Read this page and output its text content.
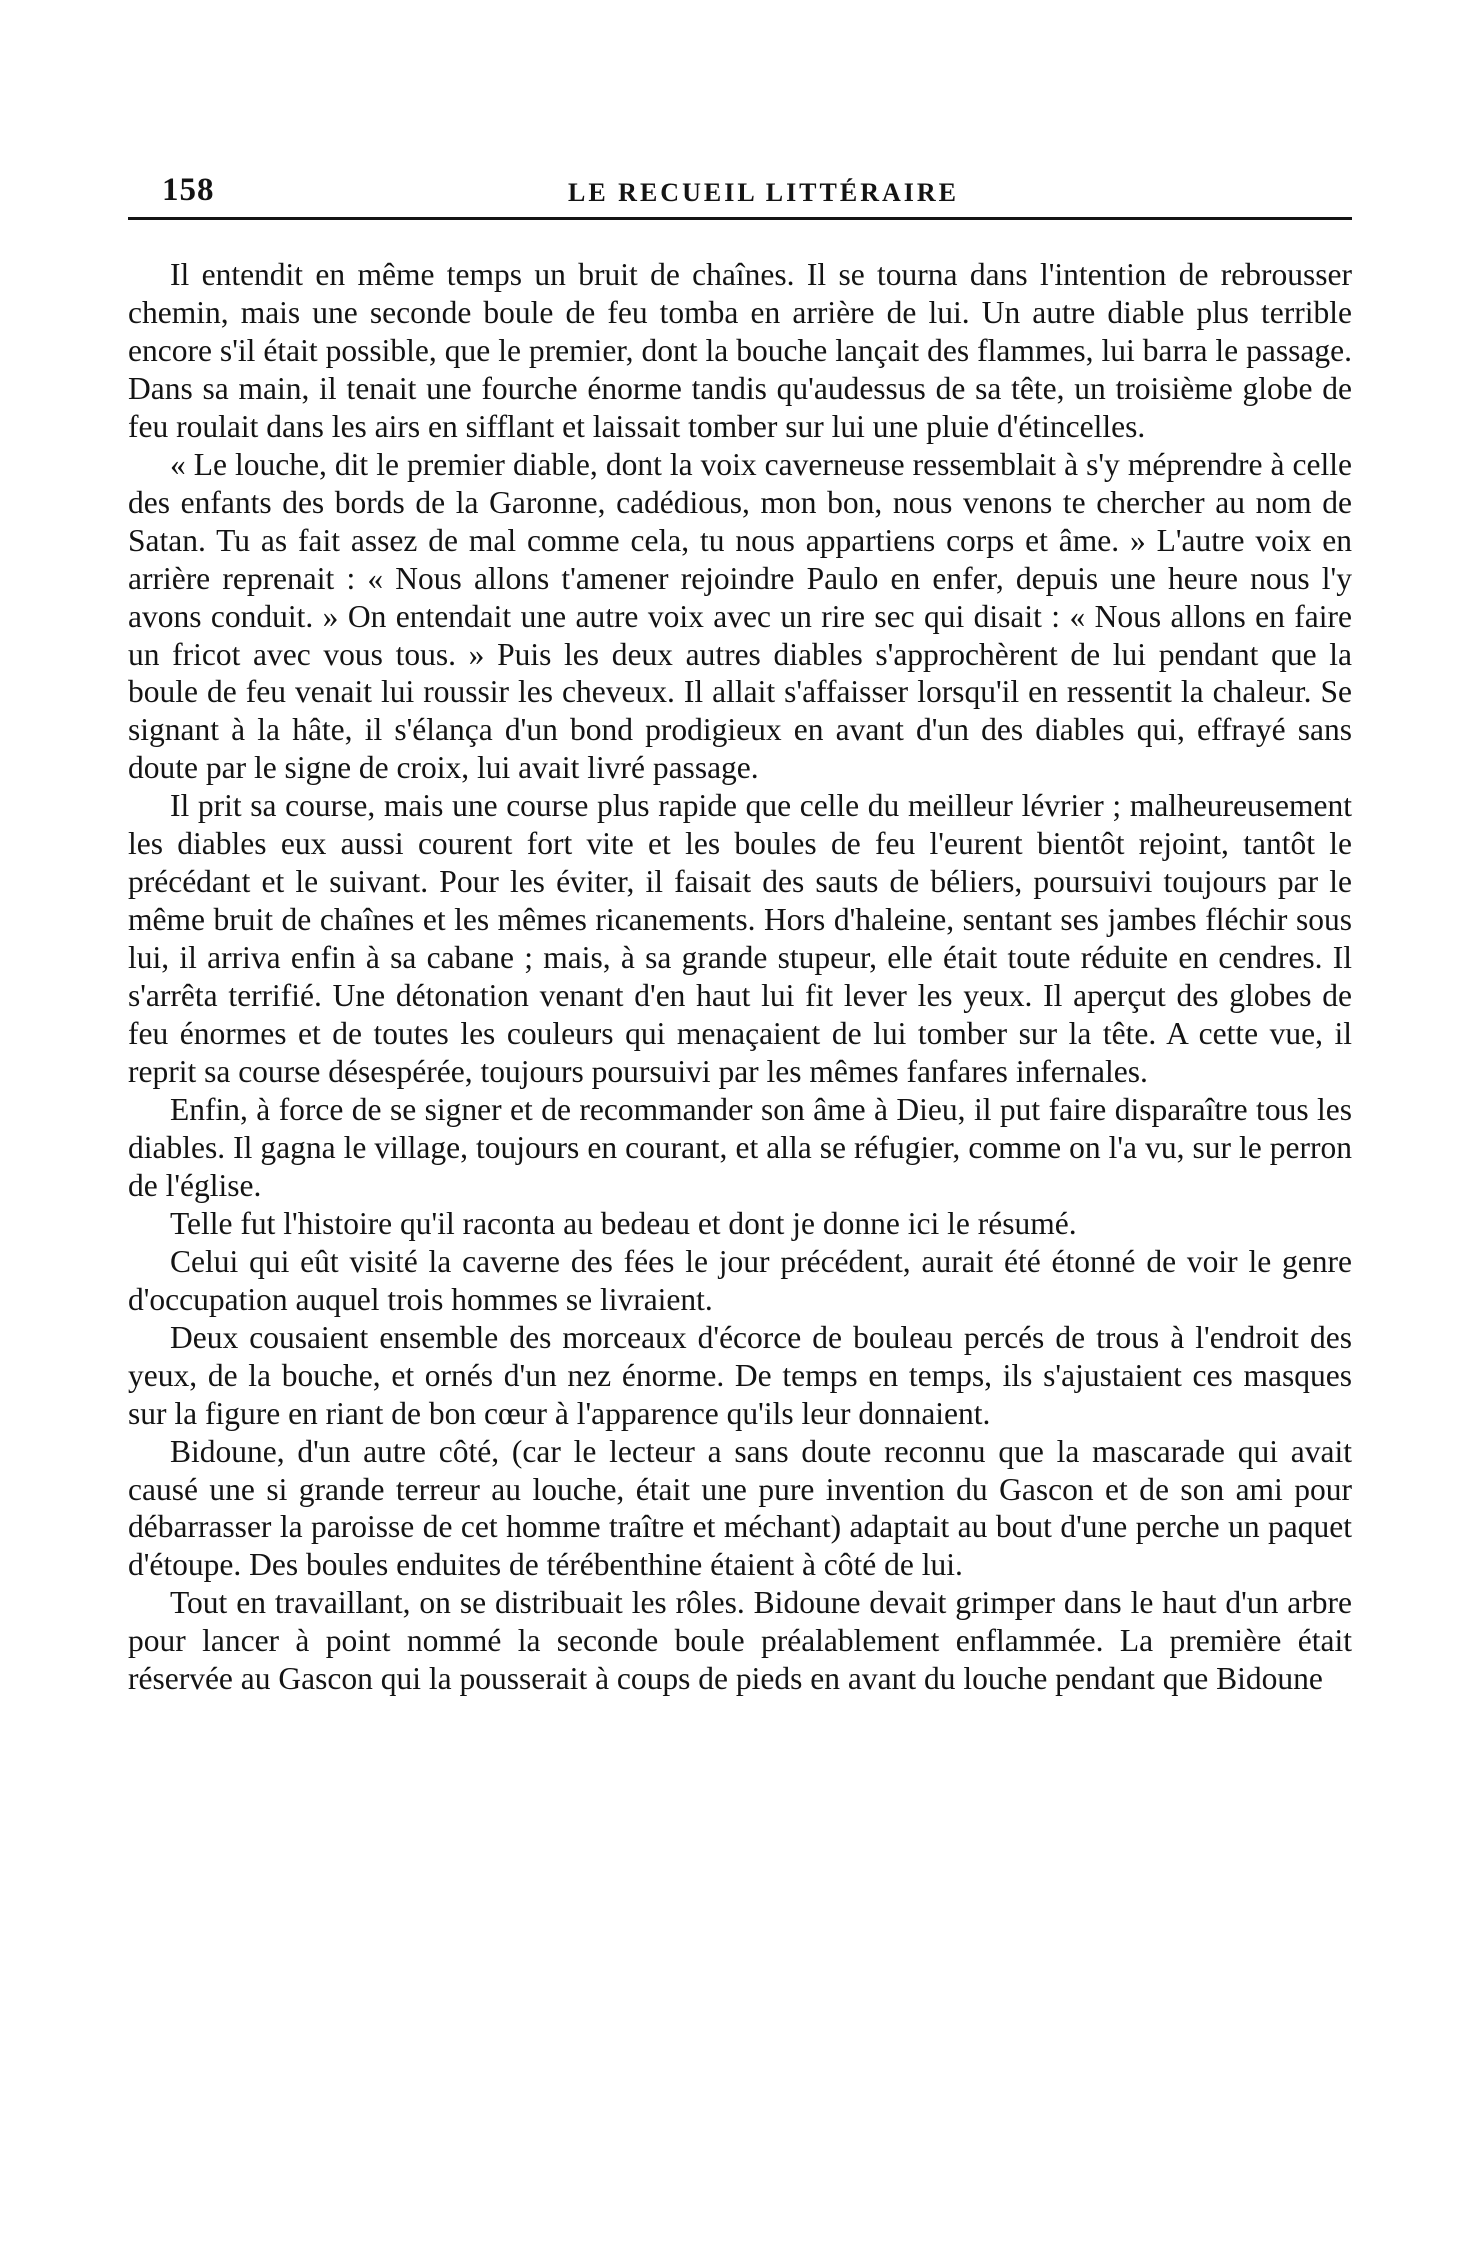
158	LE RECUEIL LITTÉRAIRE

Il entendit en même temps un bruit de chaînes. Il se tourna dans l'intention de rebrousser chemin, mais une seconde boule de feu tomba en arrière de lui. Un autre diable plus terrible encore s'il était possible, que le premier, dont la bouche lançait des flammes, lui barra le passage. Dans sa main, il tenait une fourche énorme tandis qu'audessus de sa tête, un troisième globe de feu roulait dans les airs en sifflant et laissait tomber sur lui une pluie d'étincelles.

« Le louche, dit le premier diable, dont la voix caverneuse ressemblait à s'y méprendre à celle des enfants des bords de la Garonne, cadédious, mon bon, nous venons te chercher au nom de Satan. Tu as fait assez de mal comme cela, tu nous appartiens corps et âme. » L'autre voix en arrière reprenait : « Nous allons t'amener rejoindre Paulo en enfer, depuis une heure nous l'y avons conduit. » On entendait une autre voix avec un rire sec qui disait : « Nous allons en faire un fricot avec vous tous. » Puis les deux autres diables s'approchèrent de lui pendant que la boule de feu venait lui roussir les cheveux. Il allait s'affaisser lorsqu'il en ressentit la chaleur. Se signant à la hâte, il s'élança d'un bond prodigieux en avant d'un des diables qui, effrayé sans doute par le signe de croix, lui avait livré passage.

Il prit sa course, mais une course plus rapide que celle du meilleur lévrier ; malheureusement les diables eux aussi courent fort vite et les boules de feu l'eurent bientôt rejoint, tantôt le précédant et le suivant. Pour les éviter, il faisait des sauts de béliers, poursuivi toujours par le même bruit de chaînes et les mêmes ricanements. Hors d'haleine, sentant ses jambes fléchir sous lui, il arriva enfin à sa cabane ; mais, à sa grande stupeur, elle était toute réduite en cendres. Il s'arrêta terrifié. Une détonation venant d'en haut lui fit lever les yeux. Il aperçut des globes de feu énormes et de toutes les couleurs qui menaçaient de lui tomber sur la tête. A cette vue, il reprit sa course désespérée, toujours poursuivi par les mêmes fanfares infernales.

Enfin, à force de se signer et de recommander son âme à Dieu, il put faire disparaître tous les diables. Il gagna le village, toujours en courant, et alla se réfugier, comme on l'a vu, sur le perron de l'église.

Telle fut l'histoire qu'il raconta au bedeau et dont je donne ici le résumé.

Celui qui eût visité la caverne des fées le jour précédent, aurait été étonné de voir le genre d'occupation auquel trois hommes se livraient.

Deux cousaient ensemble des morceaux d'écorce de bouleau percés de trous à l'endroit des yeux, de la bouche, et ornés d'un nez énorme. De temps en temps, ils s'ajustaient ces masques sur la figure en riant de bon cœur à l'apparence qu'ils leur donnaient.

Bidoune, d'un autre côté, (car le lecteur a sans doute reconnu que la mascarade qui avait causé une si grande terreur au louche, était une pure invention du Gascon et de son ami pour débarrasser la paroisse de cet homme traître et méchant) adaptait au bout d'une perche un paquet d'étoupe. Des boules enduites de térébenthine étaient à côté de lui.

Tout en travaillant, on se distribuait les rôles. Bidoune devait grimper dans le haut d'un arbre pour lancer à point nommé la seconde boule préalablement enflammée. La première était réservée au Gascon qui la pousserait à coups de pieds en avant du louche pendant que Bidoune
